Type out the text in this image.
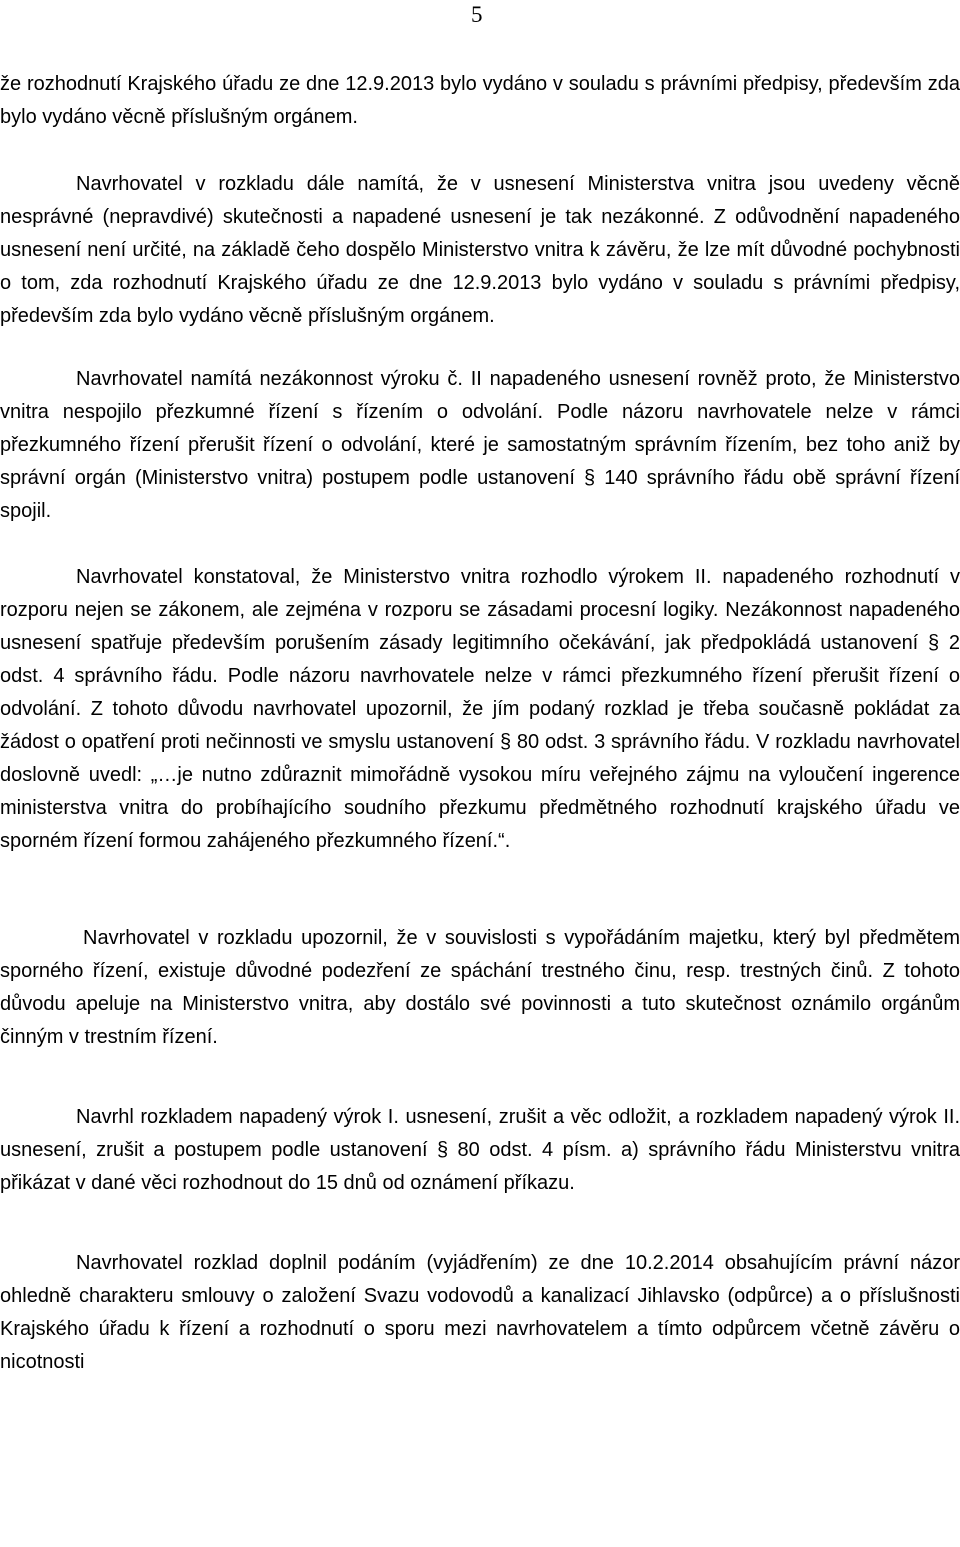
5

že rozhodnutí Krajského úřadu ze dne 12.9.2013 bylo vydáno v souladu s právními předpisy, především zda bylo vydáno věcně příslušným orgánem.

Navrhovatel v rozkladu dále namítá, že v usnesení Ministerstva vnitra jsou uvedeny věcně nesprávné (nepravdivé) skutečnosti a napadené usnesení je tak nezákonné. Z odůvodnění napadeného usnesení není určité, na základě čeho dospělo Ministerstvo vnitra k závěru, že lze mít důvodné pochybnosti o tom, zda rozhodnutí Krajského úřadu ze dne 12.9.2013 bylo vydáno v souladu s právními předpisy, především zda bylo vydáno věcně příslušným orgánem.

Navrhovatel namítá nezákonnost výroku č. II napadeného usnesení rovněž proto, že Ministerstvo vnitra nespojilo přezkumné řízení s řízením o odvolání. Podle názoru navrhovatele nelze v rámci přezkumného řízení přerušit řízení o odvolání, které je samostatným správním řízením, bez toho aniž by správní orgán (Ministerstvo vnitra) postupem podle ustanovení § 140 správního řádu obě správní řízení spojil.

Navrhovatel konstatoval, že Ministerstvo vnitra rozhodlo výrokem II. napadeného rozhodnutí v rozporu nejen se zákonem, ale zejména v rozporu se zásadami procesní logiky. Nezákonnost napadeného usnesení spatřuje především porušením zásady legitimního očekávání, jak předpokládá ustanovení § 2 odst. 4 správního řádu. Podle názoru navrhovatele nelze v rámci přezkumného řízení přerušit řízení o odvolání. Z tohoto důvodu navrhovatel upozornil, že jím podaný rozklad je třeba současně pokládat za žádost o opatření proti nečinnosti ve smyslu ustanovení § 80 odst. 3 správního řádu. V rozkladu navrhovatel doslovně uvedl: „…je nutno zdůraznit mimořádně vysokou míru veřejného zájmu na vyloučení ingerence ministerstva vnitra do probíhajícího soudního přezkumu předmětného rozhodnutí krajského úřadu ve sporném řízení formou zahájeného přezkumného řízení.“.

Navrhovatel v rozkladu upozornil, že v souvislosti s vypořádáním majetku, který byl předmětem sporného řízení, existuje důvodné podezření ze spáchání trestného činu, resp. trestných činů. Z tohoto důvodu apeluje na Ministerstvo vnitra, aby dostálo své povinnosti a tuto skutečnost oznámilo orgánům činným v trestním řízení.

Navrhl rozkladem napadený výrok I. usnesení, zrušit a věc odložit, a rozkladem napadený výrok II. usnesení, zrušit a postupem podle ustanovení § 80 odst. 4 písm. a) správního řádu Ministerstvu vnitra přikázat v dané věci rozhodnout do 15 dnů od oznámení příkazu.

Navrhovatel rozklad doplnil podáním (vyjádřením) ze dne 10.2.2014 obsahujícím právní názor ohledně charakteru smlouvy o založení Svazu vodovodů a kanalizací Jihlavsko (odpůrce) a o příslušnosti Krajského úřadu k řízení a rozhodnutí o sporu mezi navrhovatelem a tímto odpůrcem včetně závěru o nicotnosti
